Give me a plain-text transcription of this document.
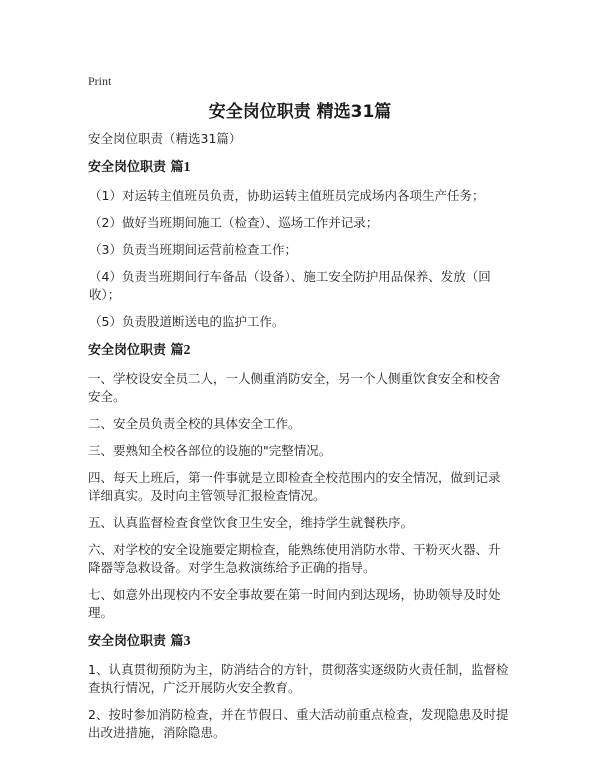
Print
安全岗位职责 精选31篇
安全岗位职责（精选31篇）
安全岗位职责 篇1
（1）对运转主值班员负责，协助运转主值班员完成场内各项生产任务；
（2）做好当班期间施工（检查）、巡场工作并记录；
（3）负责当班期间运营前检查工作；
（4）负责当班期间行车备品（设备）、施工安全防护用品保养、发放（回收）；
（5）负责股道断送电的监护工作。
安全岗位职责 篇2
一、学校设安全员二人，一人侧重消防安全，另一个人侧重饮食安全和校舍安全。
二、安全员负责全校的具体安全工作。
三、要熟知全校各部位的设施的"完整情况。
四、每天上班后，第一件事就是立即检查全校范围内的安全情况，做到记录详细真实。及时向主管领导汇报检查情况。
五、认真监督检查食堂饮食卫生安全，维持学生就餐秩序。
六、对学校的安全设施要定期检查，能熟练使用消防水带、干粉灭火器、升降器等急救设备。对学生急救演练给予正确的指导。
七、如意外出现校内不安全事故要在第一时间内到达现场，协助领导及时处理。
安全岗位职责 篇3
1、认真贯彻预防为主，防消结合的方针，贯彻落实逐级防火责任制，监督检查执行情况，广泛开展防火安全教育。
2、按时参加消防检查，并在节假日、重大活动前重点检查，发现隐患及时提出改进措施，消除隐患。
